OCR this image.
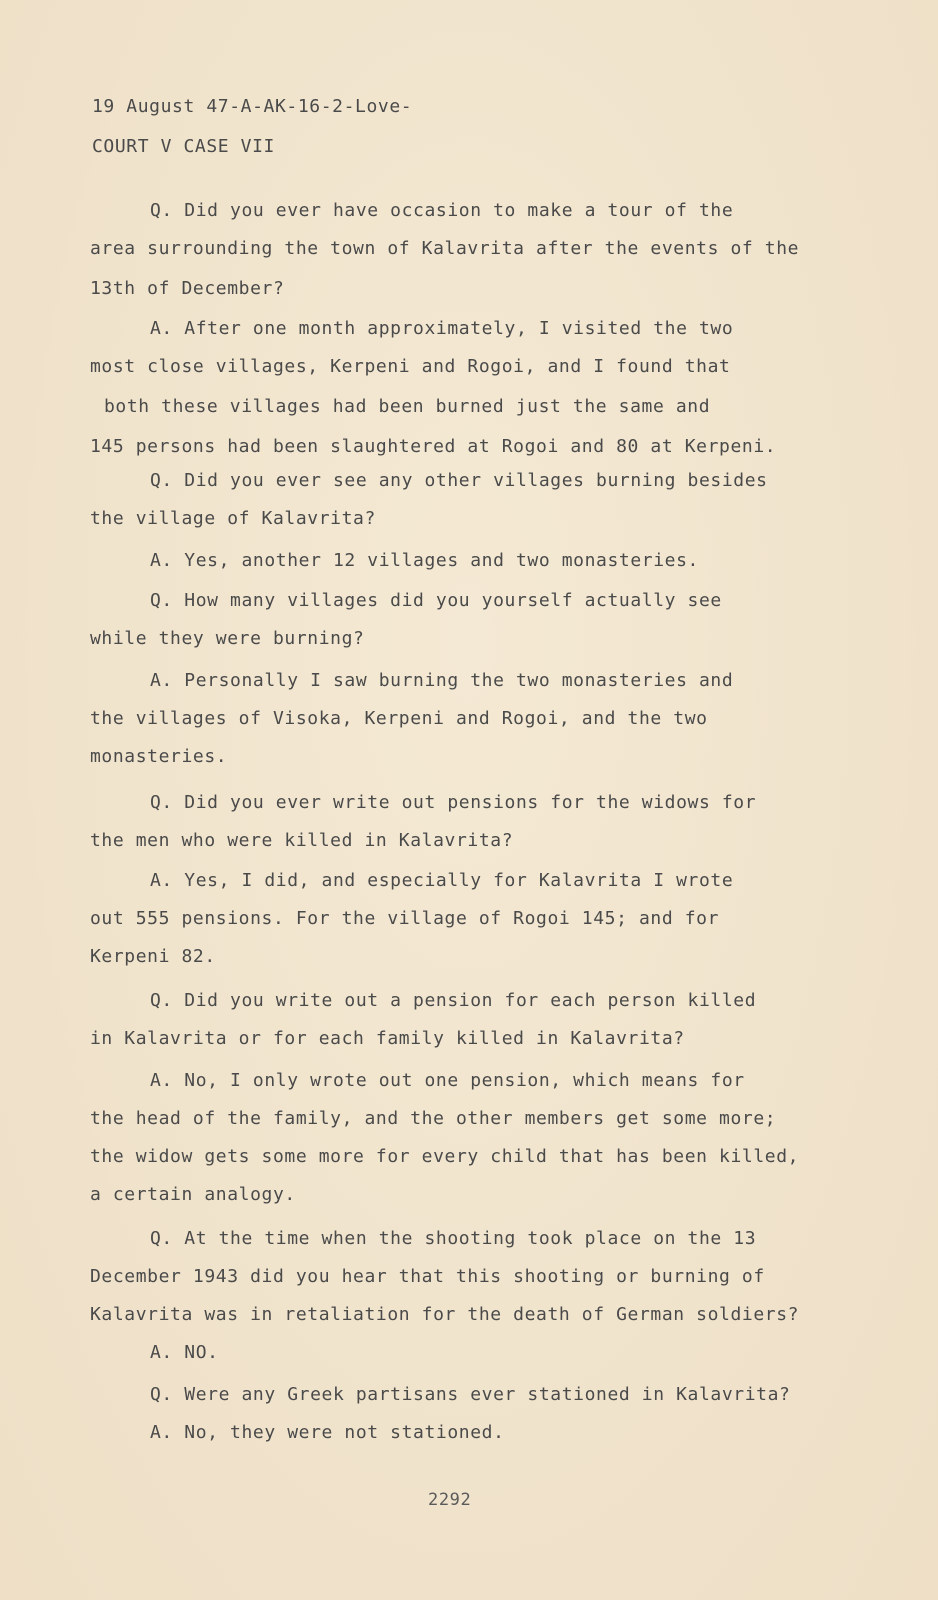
19 August 47-A-AK-16-2-Love-
COURT V CASE VII
Q. Did you ever have occasion to make a tour of the
area surrounding the town of Kalavrita after the events of the
13th of December?
A. After one month approximately, I visited the two
most close villages, Kerpeni and Rogoi, and I found that
both these villages had been burned just the same and
145 persons had been slaughtered at Rogoi and 80 at Kerpeni.
Q. Did you ever see any other villages burning besides
the village of Kalavrita?
A. Yes, another 12 villages and two monasteries.
Q. How many villages did you yourself actually see
while they were burning?
A. Personally I saw burning the two monasteries and
the villages of Visoka, Kerpeni and Rogoi, and the two
monasteries.
Q. Did you ever write out pensions for the widows for
the men who were killed in Kalavrita?
A. Yes, I did, and especially for Kalavrita I wrote
out 555 pensions. For the village of Rogoi 145; and for
Kerpeni 82.
Q. Did you write out a pension for each person killed
in Kalavrita or for each family killed in Kalavrita?
A. No, I only wrote out one pension, which means for
the head of the family, and the other members get some more;
the widow gets some more for every child that has been killed,
a certain analogy.
Q. At the time when the shooting took place on the 13
December 1943 did you hear that this shooting or burning of
Kalavrita was in retaliation for the death of German soldiers?
A. NO.
Q. Were any Greek partisans ever stationed in Kalavrita?
A. No, they were not stationed.
2292
